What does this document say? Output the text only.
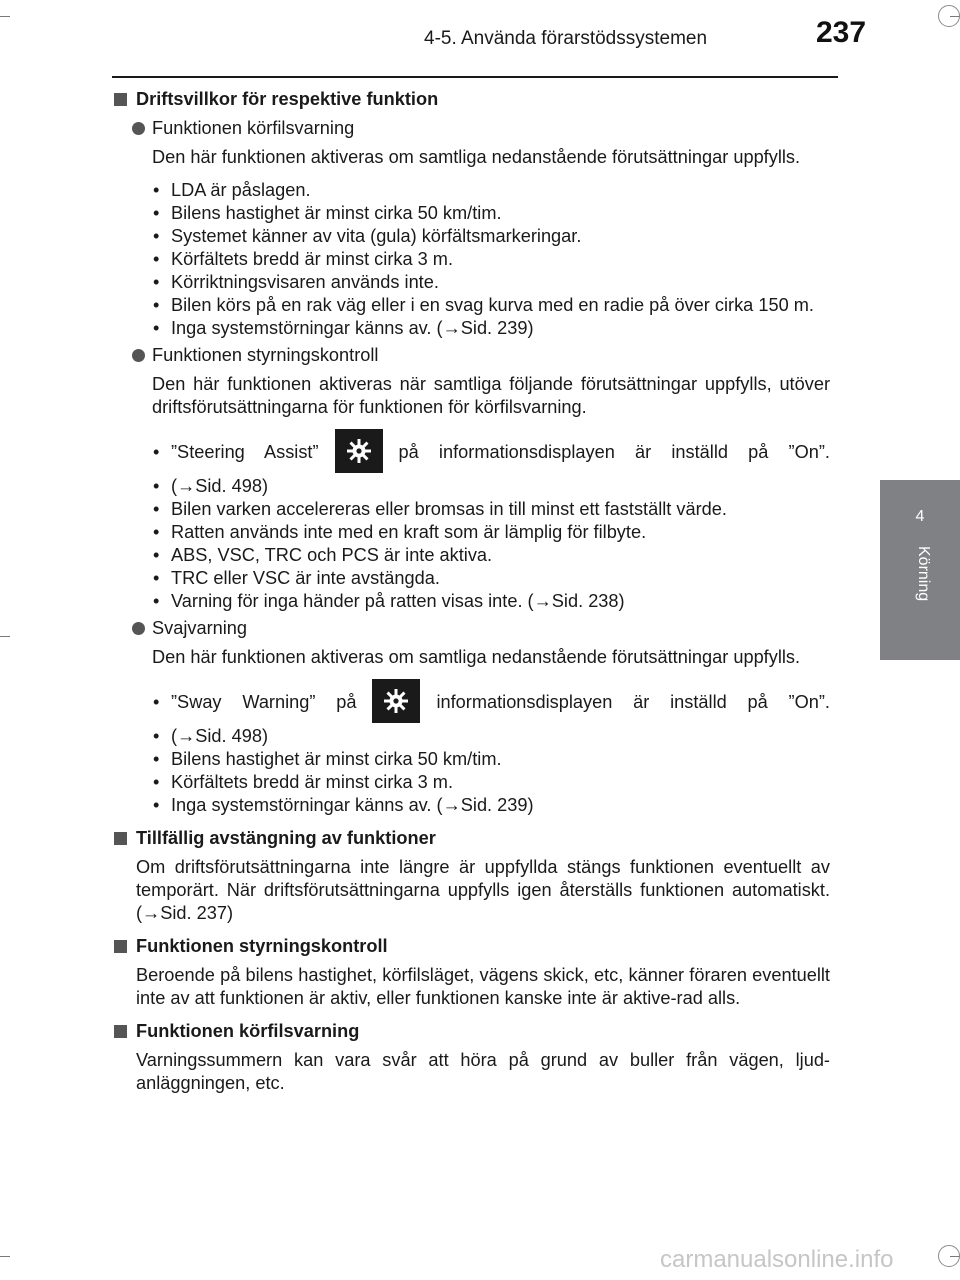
4-5. Använda förarstödssystemen	237
4
Körning
Driftsvillkor för respektive funktion
Funktionen körfilsvarning
Den här funktionen aktiveras om samtliga nedanstående förutsättningar uppfylls.
• LDA är påslagen.
• Bilens hastighet är minst cirka 50 km/tim.
• Systemet känner av vita (gula) körfältsmarkeringar.
• Körfältets bredd är minst cirka 3 m.
• Körriktningsvisaren används inte.
• Bilen körs på en rak väg eller i en svag kurva med en radie på över cirka 150 m.
• Inga systemstörningar känns av. (→Sid. 239)
Funktionen styrningskontroll
Den här funktionen aktiveras när samtliga följande förutsättningar uppfylls, utöver driftsförutsättningarna för funktionen för körfilsvarning.
• ”Steering Assist”	på informationsdisplayen är inställd på ”On”.
• (→Sid. 498)
• Bilen varken accelereras eller bromsas in till minst ett fastställt värde.
• Ratten används inte med en kraft som är lämplig för filbyte.
• ABS, VSC, TRC och PCS är inte aktiva.
• TRC eller VSC är inte avstängda.
• Varning för inga händer på ratten visas inte. (→Sid. 238)
Svajvarning
Den här funktionen aktiveras om samtliga nedanstående förutsättningar uppfylls.
• ”Sway Warning” på	informationsdisplayen är inställd på ”On”.
• (→Sid. 498)
• Bilens hastighet är minst cirka 50 km/tim.
• Körfältets bredd är minst cirka 3 m.
• Inga systemstörningar känns av. (→Sid. 239)
Tillfällig avstängning av funktioner
Om driftsförutsättningarna inte längre är uppfyllda stängs funktionen eventuellt av temporärt. När driftsförutsättningarna uppfylls igen återställs funktionen automatiskt. (→Sid. 237)
Funktionen styrningskontroll
Beroende på bilens hastighet, körfilsläget, vägens skick, etc, känner föraren eventuellt inte av att funktionen är aktiv, eller funktionen kanske inte är aktive-rad alls.
Funktionen körfilsvarning
Varningssummern kan vara svår att höra på grund av buller från vägen, ljud-anläggningen, etc.
carmanualsonline.info
